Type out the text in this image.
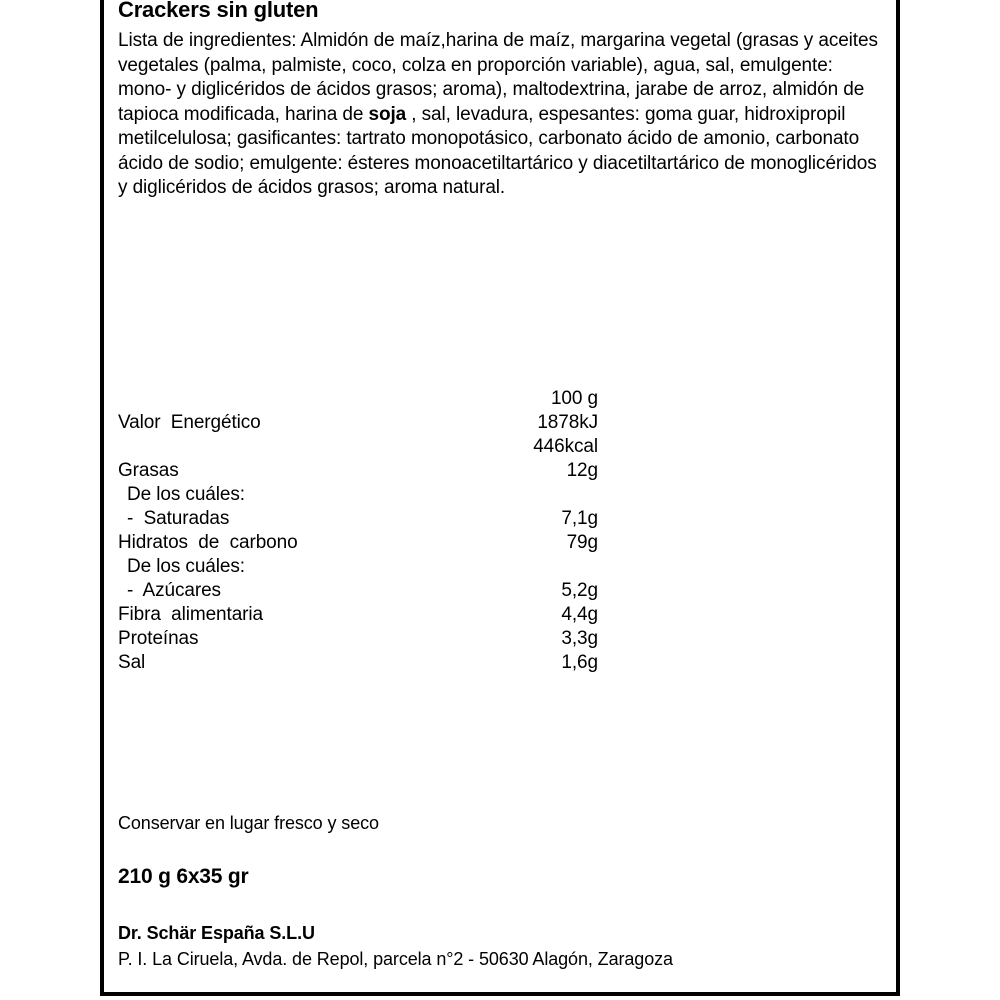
Crackers sin gluten
Lista de ingredientes: Almidón de maíz,harina de maíz, margarina vegetal (grasas y aceites vegetales (palma, palmiste, coco, colza en proporción variable), agua, sal, emulgente: mono- y diglicéridos de ácidos grasos; aroma), maltodextrina, jarabe de arroz, almidón de tapioca modificada, harina de soja , sal, levadura, espesantes: goma guar, hidroxipropil metilcelulosa; gasificantes: tartrato monopotásico, carbonato ácido de amonio, carbonato ácido de sodio; emulgente: ésteres monoacetiltartárico y diacetiltartárico de monoglicéridos y diglicéridos de ácidos grasos; aroma natural.
100 g
Valor  Energético	1878kJ
446kcal
Grasas	12g
De los cuáles:
-  Saturadas	7,1g
Hidratos  de  carbono	79g
De los cuáles:
-  Azúcares	5,2g
Fibra  alimentaria	4,4g
Proteínas	3,3g
Sal	1,6g
Conservar en lugar fresco y seco
210 g 6x35 gr
Dr. Schär España S.L.U
P. I. La Ciruela, Avda. de Repol, parcela n°2 - 50630 Alagón, Zaragoza
